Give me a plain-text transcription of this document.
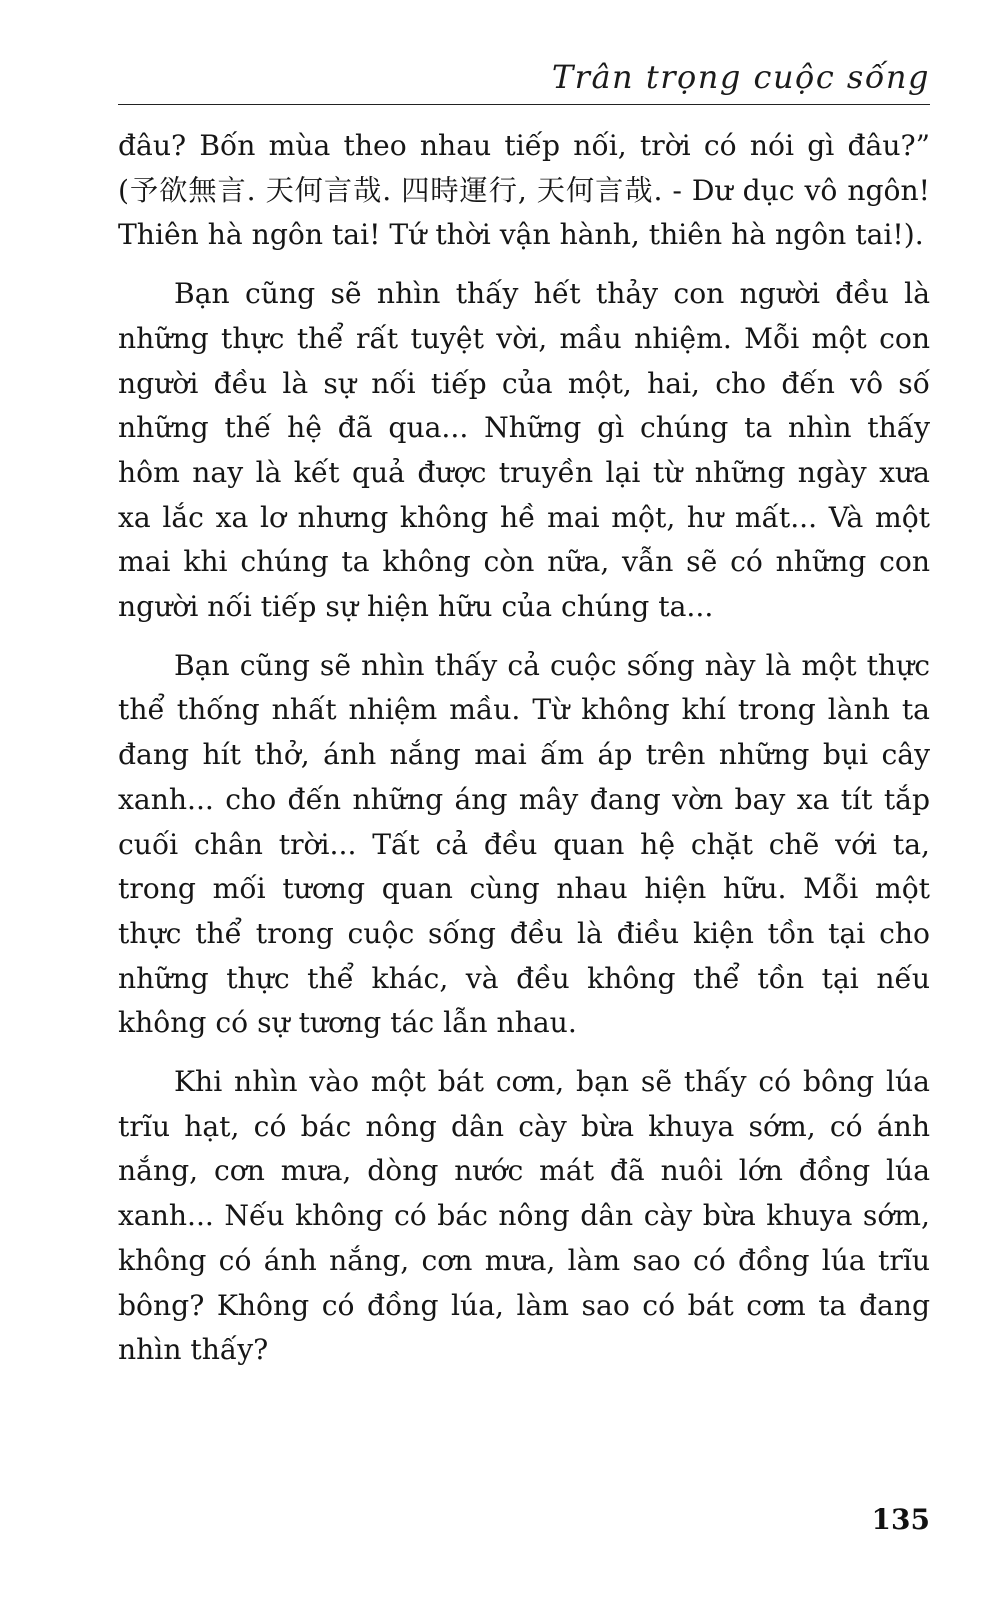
Trân trọng cuộc sống

đâu? Bốn mùa theo nhau tiếp nối, trời có nói gì đâu?” (予欲無言. 天何言哉. 四時運行, 天何言哉. - Dư dục vô ngôn! Thiên hà ngôn tai! Tứ thời vận hành, thiên hà ngôn tai!).

Bạn cũng sẽ nhìn thấy hết thảy con người đều là những thực thể rất tuyệt vời, mầu nhiệm. Mỗi một con người đều là sự nối tiếp của một, hai, cho đến vô số những thế hệ đã qua... Những gì chúng ta nhìn thấy hôm nay là kết quả được truyền lại từ những ngày xưa xa lắc xa lơ nhưng không hề mai một, hư mất... Và một mai khi chúng ta không còn nữa, vẫn sẽ có những con người nối tiếp sự hiện hữu của chúng ta...

Bạn cũng sẽ nhìn thấy cả cuộc sống này là một thực thể thống nhất nhiệm mầu. Từ không khí trong lành ta đang hít thở, ánh nắng mai ấm áp trên những bụi cây xanh... cho đến những áng mây đang vờn bay xa tít tắp cuối chân trời... Tất cả đều quan hệ chặt chẽ với ta, trong mối tương quan cùng nhau hiện hữu. Mỗi một thực thể trong cuộc sống đều là điều kiện tồn tại cho những thực thể khác, và đều không thể tồn tại nếu không có sự tương tác lẫn nhau.

Khi nhìn vào một bát cơm, bạn sẽ thấy có bông lúa trĩu hạt, có bác nông dân cày bừa khuya sớm, có ánh nắng, cơn mưa, dòng nước mát đã nuôi lớn đồng lúa xanh... Nếu không có bác nông dân cày bừa khuya sớm, không có ánh nắng, cơn mưa, làm sao có đồng lúa trĩu bông? Không có đồng lúa, làm sao có bát cơm ta đang nhìn thấy?

135
